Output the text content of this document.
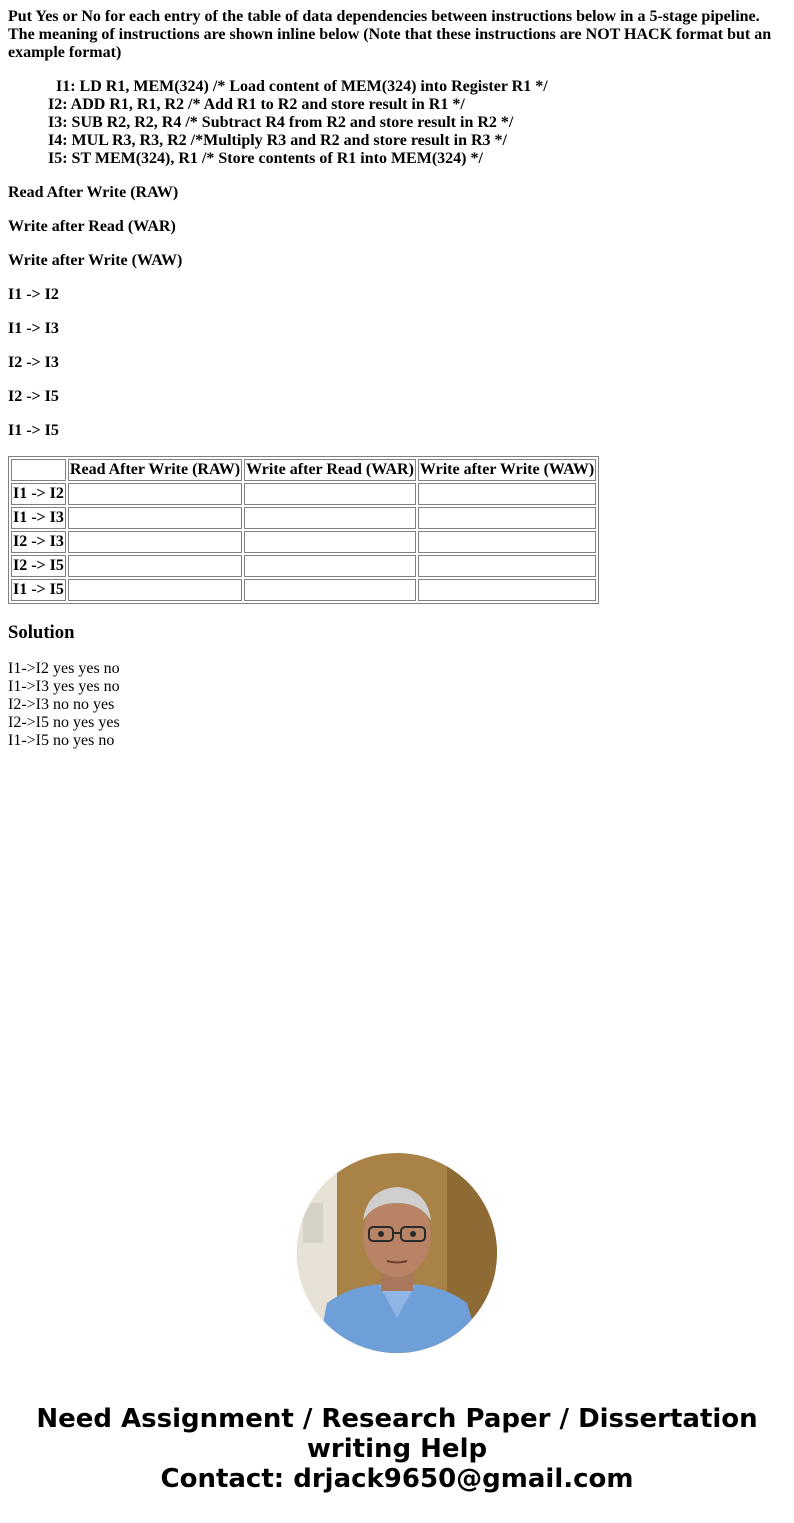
Put Yes or No for each entry of the table of data dependencies between instructions below in a 5-stage pipeline. The meaning of instructions are shown inline below (Note that these instructions are NOT HACK format but an example format)

I1: LD R1, MEM(324) /* Load content of MEM(324) into Register R1 */
I2: ADD R1, R1, R2 /* Add R1 to R2 and store result in R1 */
I3: SUB R2, R2, R4 /* Subtract R4 from R2 and store result in R2 */
I4: MUL R3, R3, R2 /*Multiply R3 and R2 and store result in R3 */
I5: ST MEM(324), R1 /* Store contents of R1 into MEM(324) */

Read After Write (RAW)

Write after Read (WAR)

Write after Write (WAW)

I1 -> I2

I1 -> I3

I2 -> I3

I2 -> I5

I1 -> I5

	Read After Write (RAW)	Write after Read (WAR)	Write after Write (WAW)
I1 -> I2			
I1 -> I3			
I2 -> I3			
I2 -> I5			
I1 -> I5			
Solution
I1->I2 yes yes no
I1->I3 yes yes no
I2->I3 no no yes
I2->I5 no yes yes
I1->I5 no yes no
Need Assignment / Research Paper / Dissertation
writing Help
Contact: drjack9650@gmail.com
